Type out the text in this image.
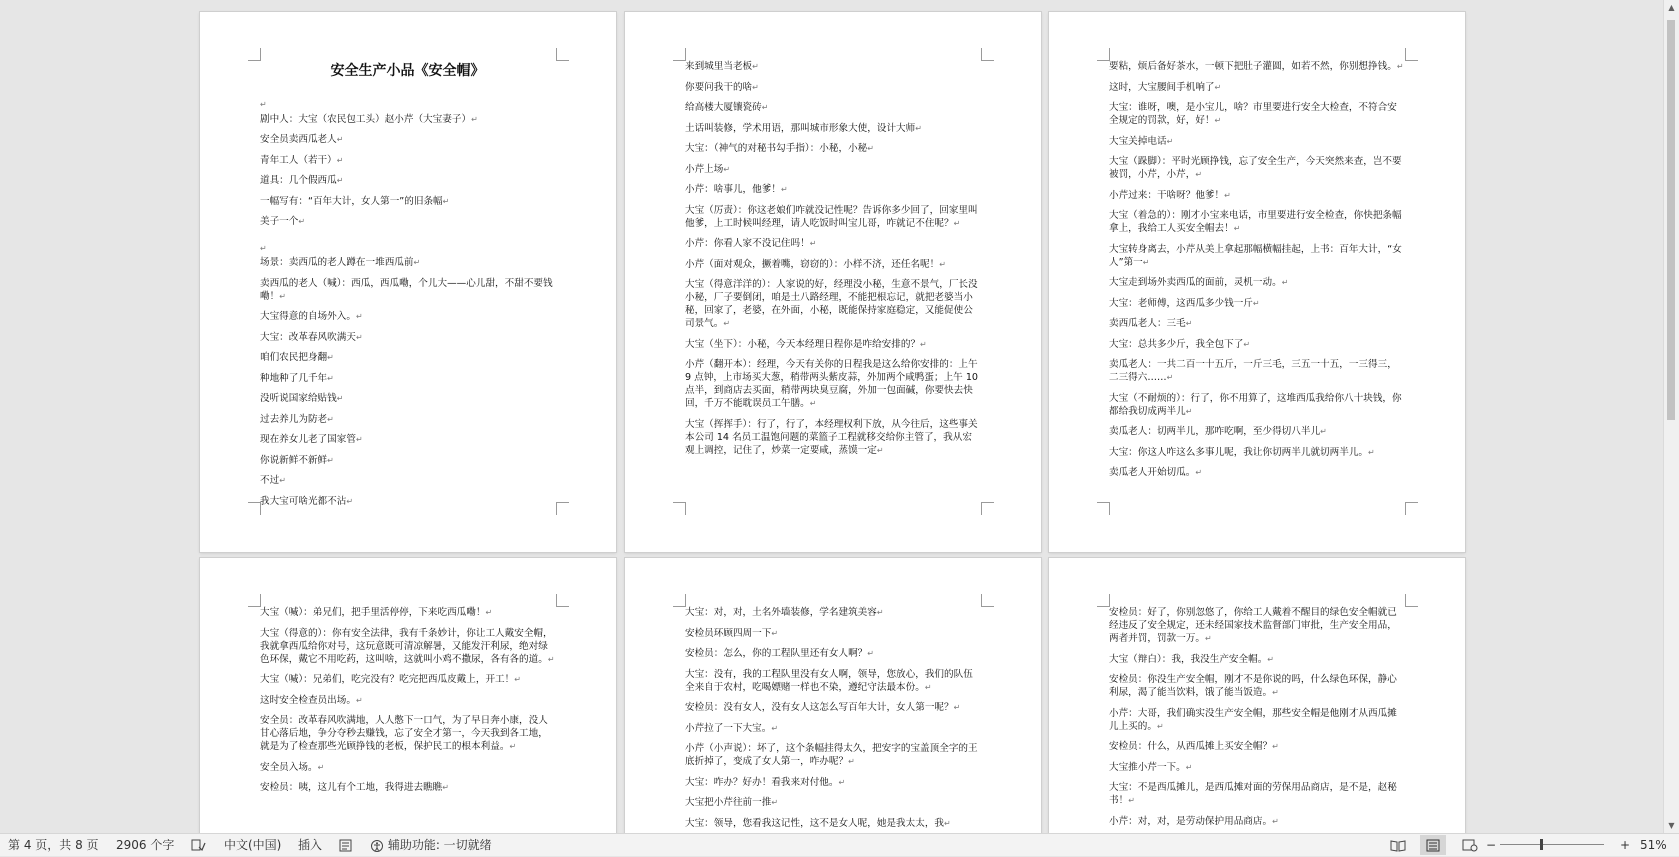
安全生产小品《安全帽》
↵
剧中人：大宝（农民包工头）赵小芹（大宝妻子）↵
安全员卖西瓜老人↵
青年工人（若干）↵
道具：几个假西瓜↵
一幅写有：“百年大计，女人第一”的旧条幅↵
美子一个↵
↵
场景：卖西瓜的老人蹲在一堆西瓜前↵
卖西瓜的老人（喊）：西瓜，西瓜嘞，个儿大——心儿甜，不甜不要钱嘞！↵
大宝得意的自场外入。↵
大宝：改革春风吹满天↵
咱们农民把身翻↵
种地种了几千年↵
没听说国家给贴钱↵
过去养儿为防老↵
现在养女儿老了国家管↵
你说新鲜不新鲜↵
不过↵
我大宝可啥光都不沾↵
来到城里当老板↵
你要问我干的啥↵
给高楼大厦镶瓷砖↵
土话叫装修，学术用语，那叫城市形象大使，设计大师↵
大宝：（神气的对秘书勾手指）：小秘，小秘↵
小芹上场↵
小芹：啥事儿，他爹！↵
大宝（厉责）：你这老娘们咋就没记性呢？告诉你多少回了，回家里叫他爹，上工时候叫经理，请人吃饭时叫宝儿哥，咋就记不住呢？↵
小芹：你看人家不没记住吗！↵
小芹（面对观众，撅着嘴，窃窃的）：小样不济，还任名呢！↵
大宝（得意洋洋的）：人家说的好，经理没小秘，生意不景气，厂长没小秘，厂子要倒闭，咱是土八路经理，不能把根忘记，就把老婆当小秘，回家了，老婆，在外面，小秘，既能保持家庭稳定，又能促使公司景气。↵
大宝（坐下）：小秘，今天本经理日程你是咋给安排的？↵
小芹（翻开本）：经理，今天有关你的日程我是这么给你安排的：上午 9 点钟，上市场买大葱，稍带两头紫皮蒜，外加两个咸鸭蛋；上午 10 点半，到商店去买面，稍带两块臭豆腐，外加一包面碱，你要快去快回，千万不能耽误员工午膳。↵
大宝（挥挥手）：行了，行了，本经理权利下放，从今往后，这些事关本公司 14 名员工温饱问题的菜篮子工程就移交给你主管了，我从宏观上调控，记住了，炒菜一定要咸，蒸馍一定↵
要粘，烦后备好茶水，一顿下把肚子灌圆，如若不然，你别想挣钱。↵
这时，大宝腰间手机响了↵
大宝：谁呀，噢，是小宝儿，啥？市里要进行安全大检查，不符合安全规定的罚款，好，好！↵
大宝关掉电话↵
大宝（跺脚）：平时光顾挣钱，忘了安全生产，今天突然来查，岂不要被罚，小芹，小芹，↵
小芹过来：干啥呀？他爹！↵
大宝（着急的）：刚才小宝来电话，市里要进行安全检查，你快把条幅拿上，我给工人买安全帽去！↵
大宝转身离去，小芹从美上拿起那幅横幅挂起，上书：百年大计，“女人”第一↵
大宝走到场外卖西瓜的面前，灵机一动。↵
大宝：老师傅，这西瓜多少钱一斤↵
卖西瓜老人：三毛↵
大宝：总共多少斤，我全包下了↵
卖瓜老人：一共二百一十五斤，一斤三毛，三五一十五，一三得三，二三得六……↵
大宝（不耐烦的）：行了，你不用算了，这堆西瓜我给你八十块钱，你都给我切成两半儿↵
卖瓜老人：切两半儿，那咋吃啊，至少得切八半儿↵
大宝：你这人咋这么多事儿呢，我让你切两半儿就切两半儿。↵
卖瓜老人开始切瓜。↵
大宝（喊）：弟兄们，把手里活停停，下来吃西瓜嘞！↵
大宝（得意的）：你有安全法律，我有千条妙计，你让工人戴安全帽，我就拿西瓜给你对号，这玩意既可清凉解暑，又能发汗利尿，绝对绿色环保，戴它不用吃药，这叫啥，这就叫小鸡不撒尿，各有各的道。↵
大宝（喊）：兄弟们，吃完没有？吃完把西瓜皮戴上，开工！↵
这时安全检查员出场。↵
安全员：改革春风吹满地，人人憋下一口气，为了早日奔小康，没人甘心落后地，争分夺秒去赚钱，忘了安全才第一，今天我到各工地，就是为了检查那些光顾挣钱的老板，保护民工的根本利益。↵
安全员入场。↵
安检员：咦，这儿有个工地，我得进去瞧瞧↵
大宝：对，对，土名外墙装修，学名建筑美容↵
安检员环顾四周一下↵
安检员：怎么，你的工程队里还有女人啊？↵
大宝：没有，我的工程队里没有女人啊，领导，您放心，我们的队伍全来自于农村，吃喝嫖赌一样也不染，遵纪守法最本份。↵
安检员：没有女人，没有女人这怎么写百年大计，女人第一呢？↵
小芹拉了一下大宝。↵
小芹（小声说）：坏了，这个条幅挂得太久，把安字的宝盖顶全字的王底折掉了，变成了女人第一，咋办呢？↵
大宝：咋办？好办！看我来对付他。↵
大宝把小芹往前一推↵
大宝：领导，您看我这记性，这不是女人呢，她是我太太，我↵
安检员：好了，你别忽悠了，你给工人戴着不醒目的绿色安全帽就已经违反了安全规定，还未经国家技术监督部门审批，生产安全用品，两者并罚，罚款一万。↵
大宝（辩白）：我，我没生产安全帽。↵
安检员：你没生产安全帽，刚才不是你说的吗，什么绿色环保，静心利尿，渴了能当饮料，饿了能当饭造。↵
小芹：大哥，我们确实没生产安全帽，那些安全帽是他刚才从西瓜摊儿上买的。↵
安检员：什么，从西瓜摊上买安全帽？↵
大宝推小芹一下。↵
大宝：不是西瓜摊儿，是西瓜摊对面的劳保用品商店，是不是，赵秘书！↵
小芹：对，对，是劳动保护用品商店。↵
▲
▼
第 4 页，共 8 页 2906 个字	中文(中国) 插入	辅助功能: 一切就绪	−	+ 51%
